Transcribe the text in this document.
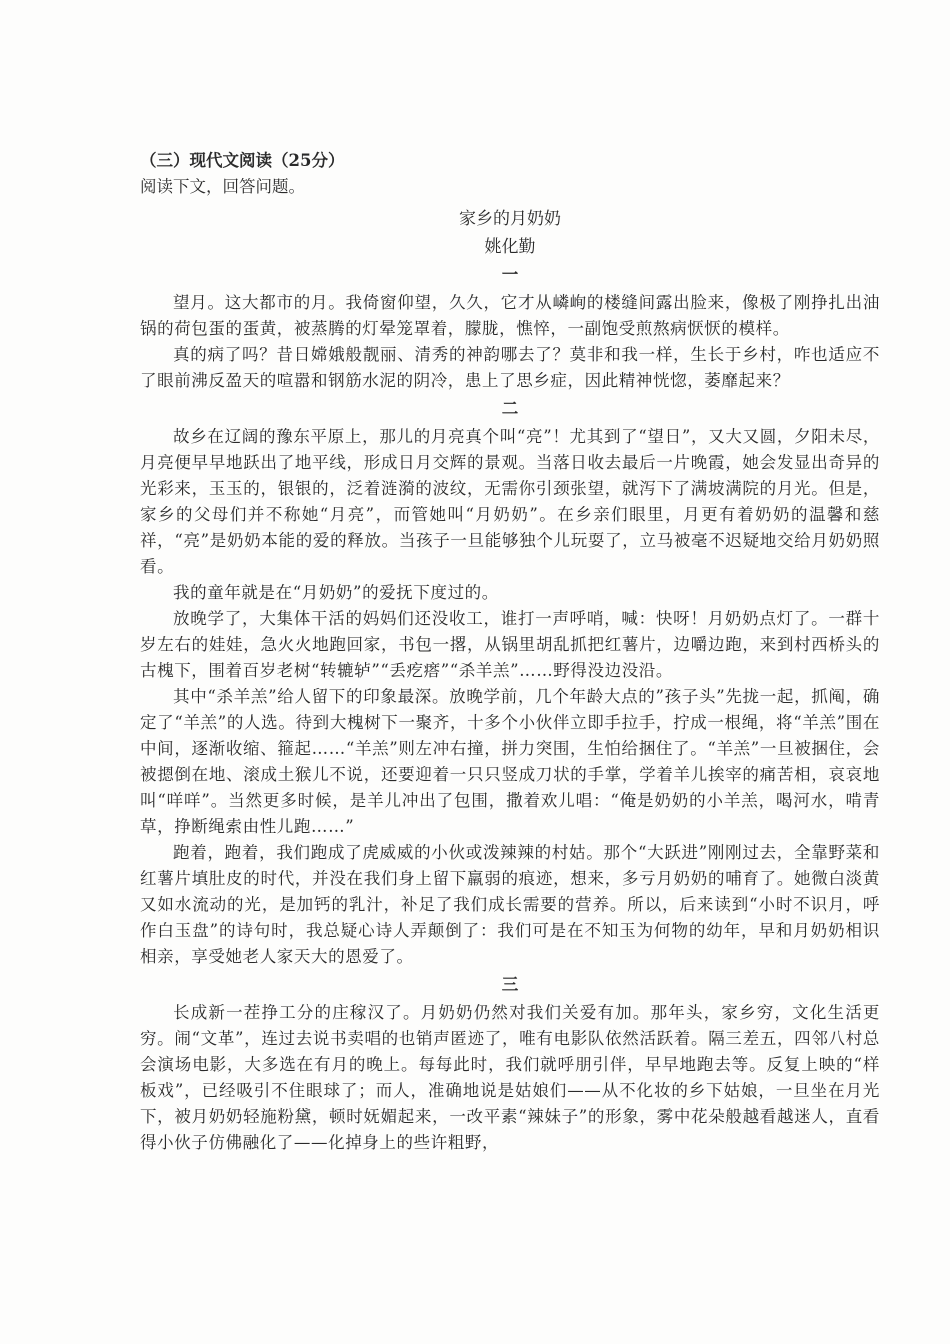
（三）现代文阅读（25分）

阅读下文，回答问题。

家乡的月奶奶

姚化勤

一

望月。这大都市的月。我倚窗仰望，久久，它才从嶙峋的楼缝间露出脸来，像极了刚挣扎出油锅的荷包蛋的蛋黄，被蒸腾的灯晕笼罩着，朦胧，憔悴，一副饱受煎熬病恹恹的模样。

真的病了吗？昔日嫦娥般靓丽、清秀的神韵哪去了？莫非和我一样，生长于乡村，咋也适应不了眼前沸反盈天的喧嚣和钢筋水泥的阴冷，患上了思乡症，因此精神恍惚，萎靡起来？

二

故乡在辽阔的豫东平原上，那儿的月亮真个叫“亮”！尤其到了“望日”，又大又圆，夕阳未尽，月亮便早早地跃出了地平线，形成日月交辉的景观。当落日收去最后一片晚霞，她会发显出奇异的光彩来，玉玉的，银银的，泛着涟漪的波纹，无需你引颈张望，就泻下了满坡满院的月光。但是，家乡的父母们并不称她“月亮”，而管她叫“月奶奶”。在乡亲们眼里，月更有着奶奶的温馨和慈祥，“亮”是奶奶本能的爱的释放。当孩子一旦能够独个儿玩耍了，立马被毫不迟疑地交给月奶奶照看。

我的童年就是在“月奶奶”的爱抚下度过的。

放晚学了，大集体干活的妈妈们还没收工，谁打一声呼哨，喊：快呀！月奶奶点灯了。一群十岁左右的娃娃，急火火地跑回家，书包一撂，从锅里胡乱抓把红薯片，边嚼边跑，来到村西桥头的古槐下，围着百岁老树“转辘轳”“丢疙瘩”“杀羊羔”……野得没边没沿。

其中“杀羊羔”给人留下的印象最深。放晚学前，几个年龄大点的”孩子头”先拢一起，抓阄，确定了“羊羔”的人选。待到大槐树下一聚齐，十多个小伙伴立即手拉手，拧成一根绳，将“羊羔”围在中间，逐渐收缩、箍起……“羊羔”则左冲右撞，拼力突围，生怕给捆住了。“羊羔”一旦被捆住，会被摁倒在地、滚成土猴儿不说，还要迎着一只只竖成刀状的手掌，学着羊儿挨宰的痛苦相，哀哀地叫“咩咩”。当然更多时候，是羊儿冲出了包围，撒着欢儿唱：“俺是奶奶的小羊羔，喝河水，啃青草，挣断绳索由性儿跑……”

跑着，跑着，我们跑成了虎威威的小伙或泼辣辣的村姑。那个“大跃进”刚刚过去，全靠野菜和红薯片填肚皮的时代，并没在我们身上留下羸弱的痕迹，想来，多亏月奶奶的哺育了。她微白淡黄又如水流动的光，是加钙的乳汁，补足了我们成长需要的营养。所以，后来读到“小时不识月，呼作白玉盘”的诗句时，我总疑心诗人弄颠倒了：我们可是在不知玉为何物的幼年，早和月奶奶相识相亲，享受她老人家天大的恩爱了。

三

长成新一茬挣工分的庄稼汉了。月奶奶仍然对我们关爱有加。那年头，家乡穷，文化生活更穷。闹“文革”，连过去说书卖唱的也销声匿迹了，唯有电影队依然活跃着。隔三差五，四邻八村总会演场电影，大多选在有月的晚上。每每此时，我们就呼朋引伴，早早地跑去等。反复上映的“样板戏”，已经吸引不住眼球了；而人，准确地说是姑娘们——从不化妆的乡下姑娘，一旦坐在月光下，被月奶奶轻施粉黛，顿时妩媚起来，一改平素“辣妹子”的形象，雾中花朵般越看越迷人，直看得小伙子仿佛融化了——化掉身上的些许粗野，
